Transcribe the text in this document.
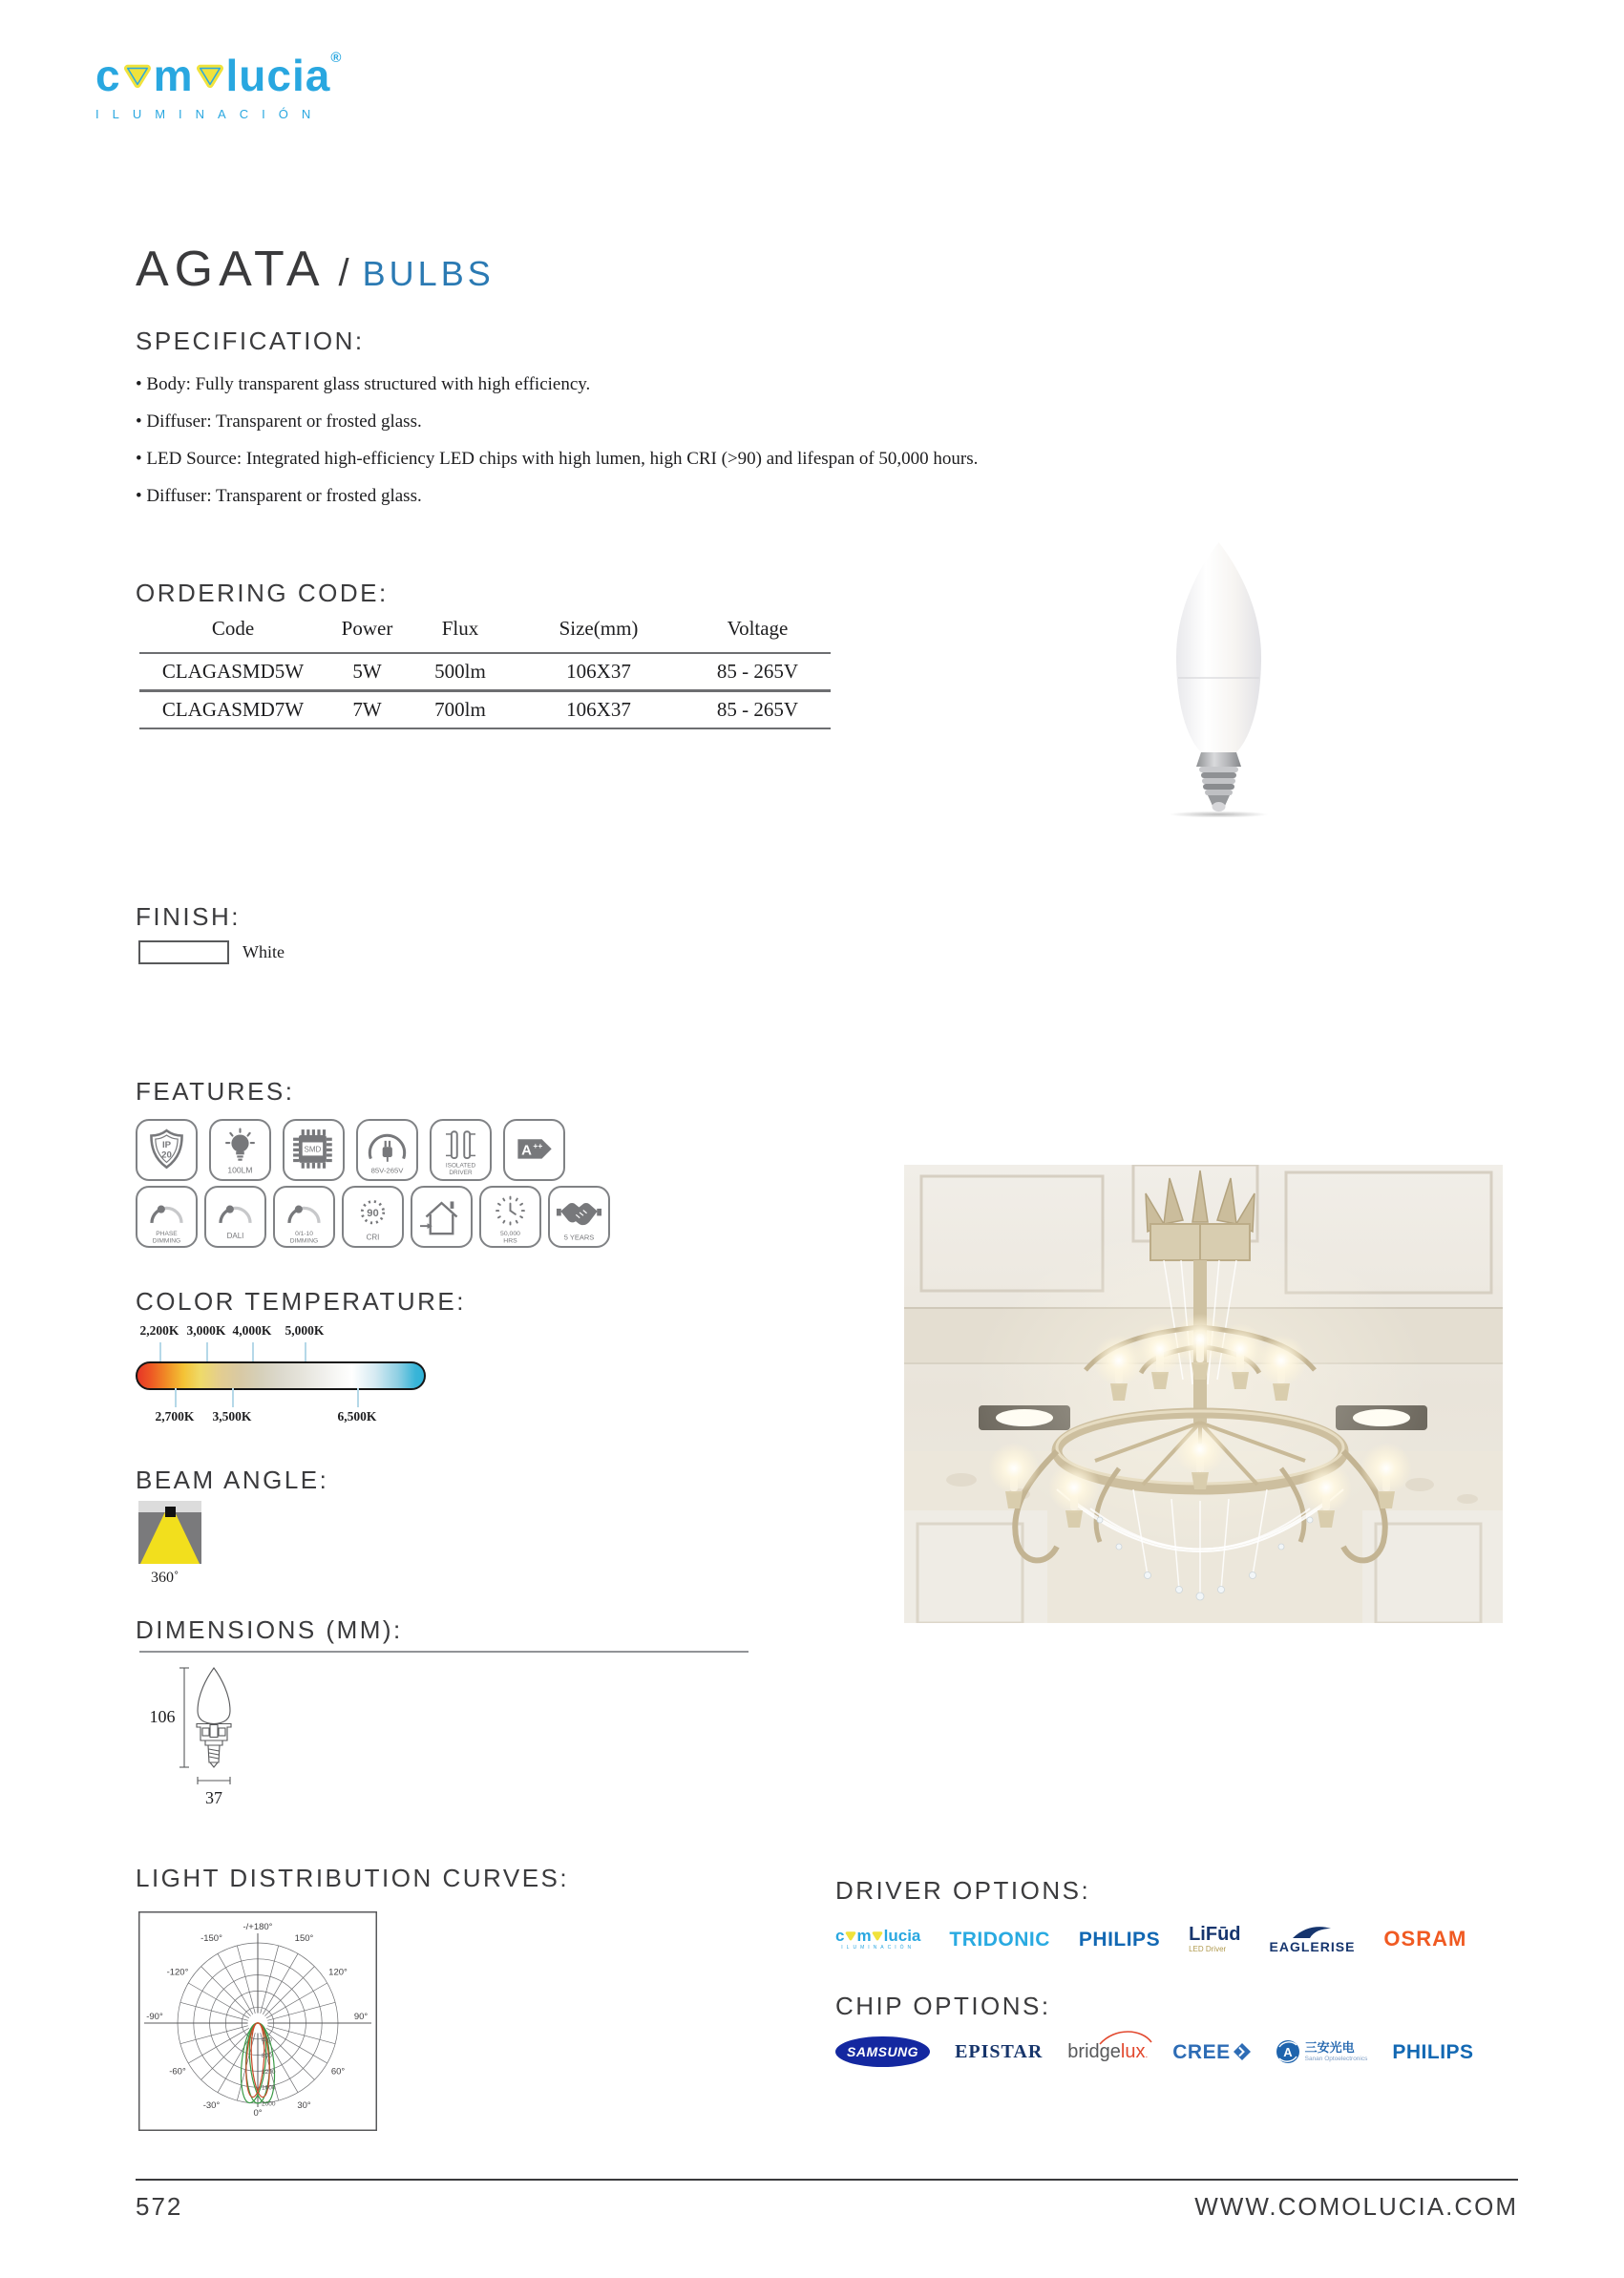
c m l u c i a ®
ILUMINACIÓN
AGATA / BULBS
SPECIFICATION:
• Body: Fully transparent glass structured with high efficiency.
• Diffuser: Transparent or frosted glass.
• LED Source: Integrated high-efficiency LED chips with high lumen, high CRI (>90) and lifespan of 50,000 hours.
• Diffuser: Transparent or frosted glass.
ORDERING CODE:
Code	Power	Flux	Size(mm)	Voltage
CLAGASMD5W	5W	500lm	106X37	85 - 265V
CLAGASMD7W	7W	700lm	106X37	85 - 265V
FINISH:
White
FEATURES:
IP
20
100LM
SMD
85V-265V
ISOLATED
DRIVER
A ++
PHASE
DIMMING
DALI	0/1-10
DIMMING
90
CRI	50,000
HRS	5 YEARS
COLOR TEMPERATURE:
2,200K 3,000K 4,000K 5,000K
2,700K 3,500K	6,500K
BEAM ANGLE:
360˚
DIMENSIONS (MM):
106
37
LIGHT DISTRIBUTION CURVES:
400
800
1200
1600
2000
-/+180°
-150°	150°
-120°	120°
-90°	90°
-60°	60°
-30°	30°
0°
DRIVER OPTIONS:
c m l u c i a
ILUMINACIÓN TRIDONIC PHILIPS LiFūd
LED Driver	EAGLERISE OSRAM
CHIP OPTIONS:
SAMSUNG	EPISTAR bridgelux. CREE	A 三安光电
Sanan Optoelectronics PHILIPS
572	WWW.COMOLUCIA.COM
